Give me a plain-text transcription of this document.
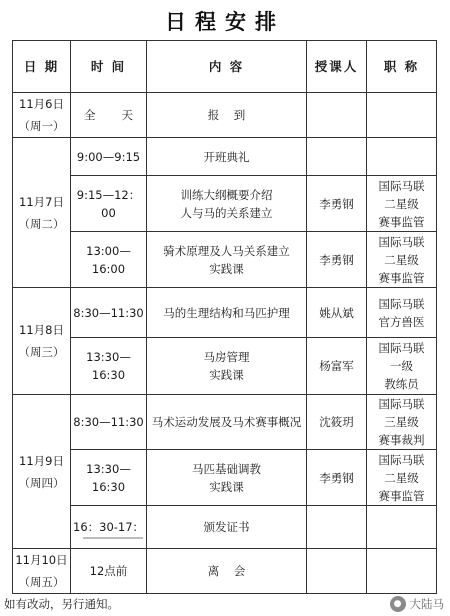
日程安排
日 期	时 间	内 容	授课人	职 称

11月6日
（周一）	全 天	报    到		

11月7日
（周二）	9:00—9:15	开班典礼		

	9:15—12：00	训练大纲概要介绍
人与马的关系建立	李勇钢	国际马联
二星级
赛事监管

	13:00—16:00	骑术原理及人马关系建立
实践课	李勇钢	国际马联
二星级
赛事监管

11月8日
（周三）	8:30—11:30	马的生理结构和马匹护理	姚从斌	国际马联
官方兽医

	13:30—16:30	马房管理
实践课	杨富军	国际马联
一级
教练员

11月9日
（周四）	8:30—11:30	马术运动发展及马术赛事概况	沈筱玥	国际马联
三星级
赛事裁判

	13:30—16:30	马匹基础调教
实践课	李勇钢	国际马联
二星级
赛事监管

	16：30-17：	颁发证书		

11月10日
（周五）	12点前	离    会		

如有改动，另行通知。	● 大陆马
